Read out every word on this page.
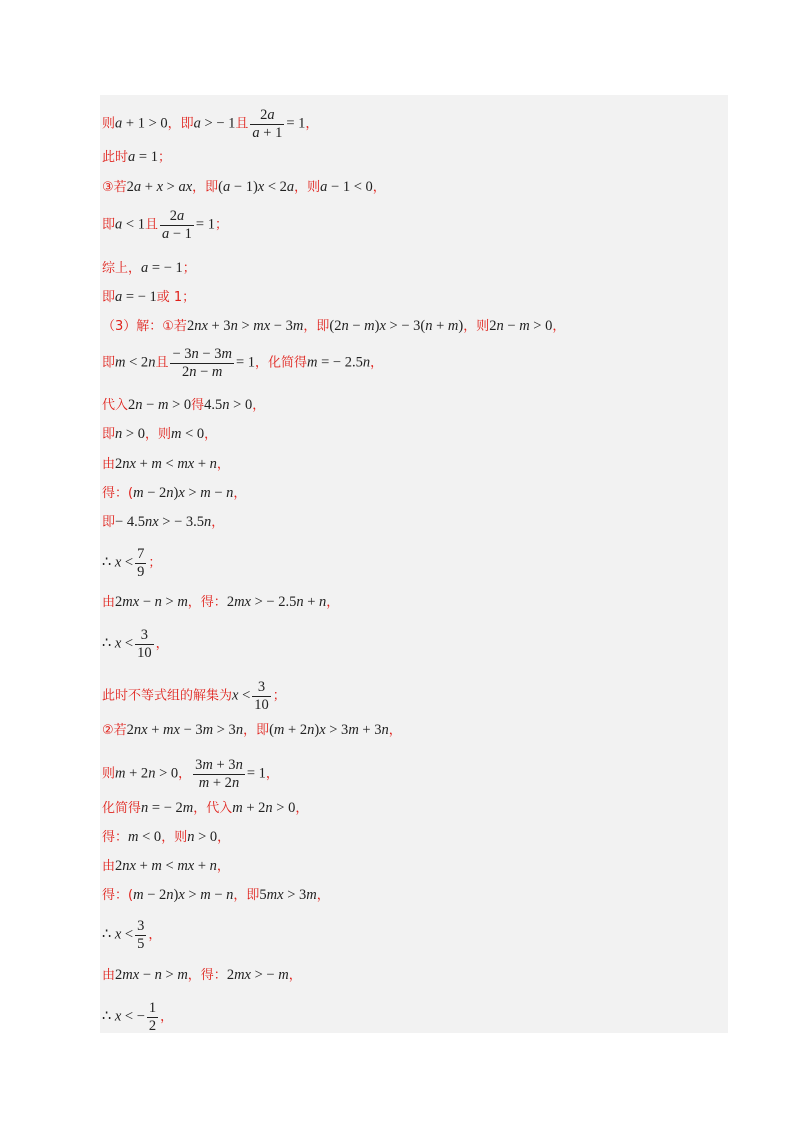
则a + 1 > 0，即a > − 1且 $\frac{2a}{a + 1} = 1$，
此时a = 1；
③若2a + x > ax，即(a − 1)x < 2a，则a − 1 < 0，
即a < 1且 $\frac{2a}{a - 1} = 1$；
综上，a = − 1；
即a = − 1或 1；
（3）解：①若2nx + 3n > mx − 3m，即(2n − m)x > − 3(n + m)，则2n − m > 0，
即m < 2n且 $\frac{- 3n - 3m}{2n - m} = 1$，化简得m = − 2.5n，
代入2n − m > 0得4.5n > 0，
即n > 0，则m < 0，
由2nx + m < mx + n，
得：(m − 2n)x > m − n，
即− 4.5nx > − 3.5n，
∴ $x < \frac{7}{9}$ ；
由2mx − n > m，得：2mx > − 2.5n + n，
∴ $x < \frac{3}{10}$ ，
此时不等式组的解集为$x < \frac{3}{10}$ ；
②若2nx + mx − 3m > 3n，即(m + 2n)x > 3m + 3n，
则m + 2n > 0， $\frac{3m + 3n}{m + 2n} = 1$，
化简得n = − 2m，代入m + 2n > 0，
得：m < 0，则n > 0，
由2nx + m < mx + n，
得：(m − 2n)x > m − n，即5mx > 3m，
∴ $x < \frac{3}{5}$ ，
由2mx − n > m，得：2mx > − m，
∴ x < − $\frac{1}{2}$ ，
